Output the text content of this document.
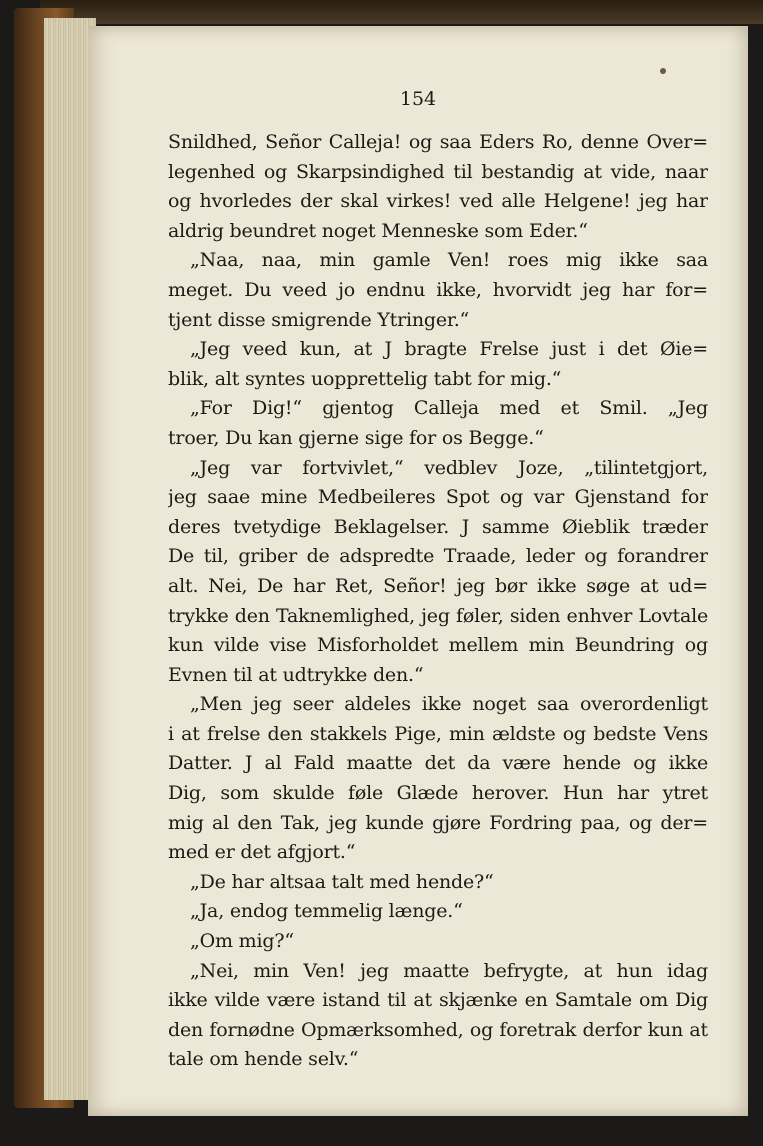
154
Snildhed, Señor Calleja! og saa Eders Ro, denne Over=
legenhed og Skarpsindighed til bestandig at vide, naar
og hvorledes der skal virkes! ved alle Helgene! jeg har
aldrig beundret noget Menneske som Eder.“
„Naa, naa, min gamle Ven! roes mig ikke saa
meget. Du veed jo endnu ikke, hvorvidt jeg har for=
tjent disse smigrende Ytringer.“
„Jeg veed kun, at J bragte Frelse just i det Øie=
blik, alt syntes uopprettelig tabt for mig.“
„For Dig!“ gjentog Calleja med et Smil. „Jeg
troer, Du kan gjerne sige for os Begge.“
„Jeg var fortvivlet,“ vedblev Joze, „tilintetgjort,
jeg saae mine Medbeileres Spot og var Gjenstand for
deres tvetydige Beklagelser. J samme Øieblik træder
De til, griber de adspredte Traade, leder og forandrer
alt. Nei, De har Ret, Señor! jeg bør ikke søge at ud=
trykke den Taknemlighed, jeg føler, siden enhver Lovtale
kun vilde vise Misforholdet mellem min Beundring og
Evnen til at udtrykke den.“
„Men jeg seer aldeles ikke noget saa overordenligt
i at frelse den stakkels Pige, min ældste og bedste Vens
Datter. J al Fald maatte det da være hende og ikke
Dig, som skulde føle Glæde herover. Hun har ytret
mig al den Tak, jeg kunde gjøre Fordring paa, og der=
med er det afgjort.“
„De har altsaa talt med hende?“
„Ja, endog temmelig længe.“
„Om mig?“
„Nei, min Ven! jeg maatte befrygte, at hun idag
ikke vilde være istand til at skjænke en Samtale om Dig
den fornødne Opmærksomhed, og foretrak derfor kun at
tale om hende selv.“
